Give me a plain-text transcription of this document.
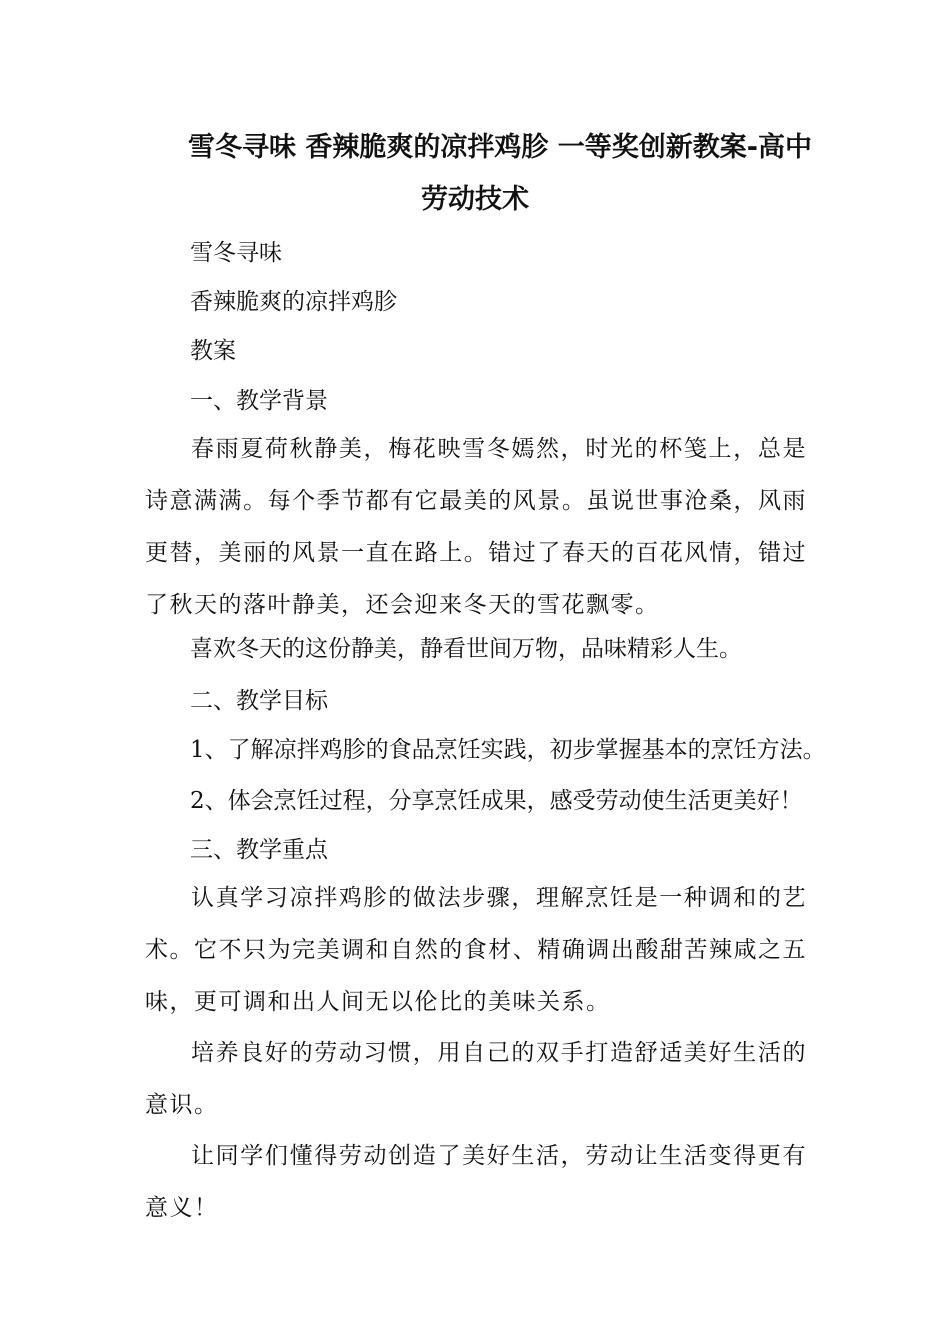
雪冬寻味 香辣脆爽的凉拌鸡胗 一等奖创新教案-高中
劳动技术

雪冬寻味

香辣脆爽的凉拌鸡胗

教案

一、教学背景

春雨夏荷秋静美，梅花映雪冬嫣然，时光的杯笺上，总是诗意满满。每个季节都有它最美的风景。虽说世事沧桑，风雨更替，美丽的风景一直在路上。错过了春天的百花风情，错过了秋天的落叶静美，还会迎来冬天的雪花飘零。

喜欢冬天的这份静美，静看世间万物，品味精彩人生。

二、教学目标

1、了解凉拌鸡胗的食品烹饪实践，初步掌握基本的烹饪方法。

2、体会烹饪过程，分享烹饪成果，感受劳动使生活更美好！

三、教学重点

认真学习凉拌鸡胗的做法步骤，理解烹饪是一种调和的艺术。它不只为完美调和自然的食材、精确调出酸甜苦辣咸之五味，更可调和出人间无以伦比的美味关系。

培养良好的劳动习惯，用自己的双手打造舒适美好生活的意识。

让同学们懂得劳动创造了美好生活，劳动让生活变得更有意义！
